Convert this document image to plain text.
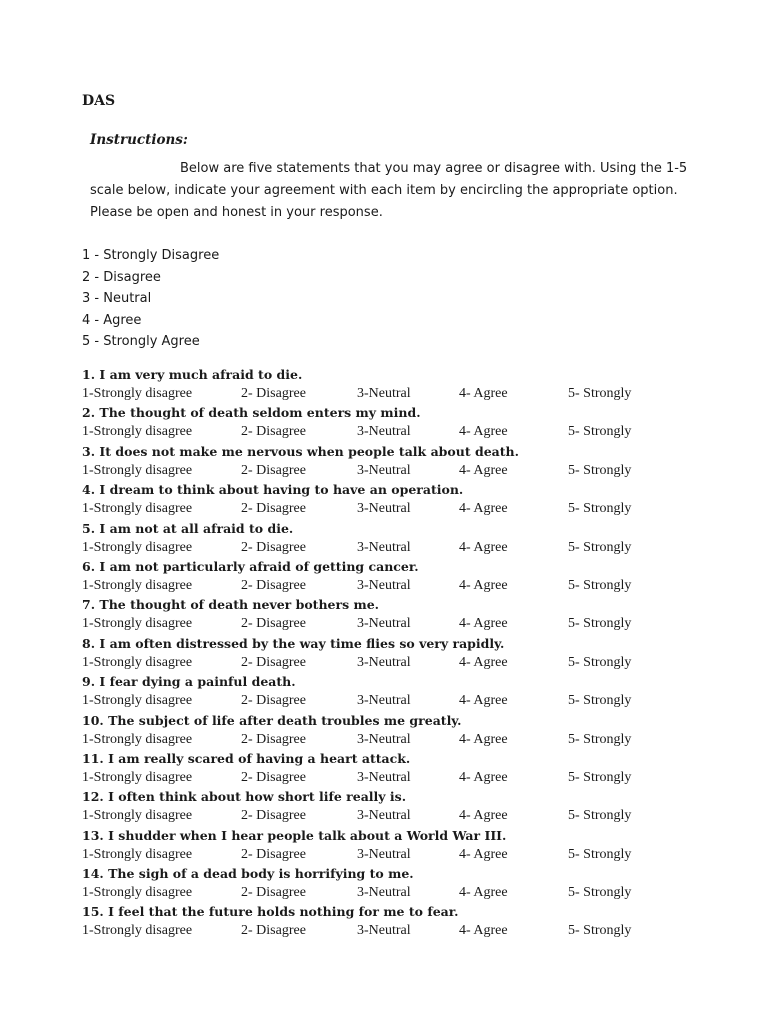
DAS
Instructions:
Below are five statements that you may agree or disagree with. Using the 1-5
scale below, indicate your agreement with each item by encircling the appropriate option.
Please be open and honest in your response.
1 - Strongly Disagree
2 - Disagree
3 - Neutral
4 - Agree
5 - Strongly Agree
1. I am very much afraid to die.
1-Strongly disagree	2- Disagree	3-Neutral	4- Agree	5- Strongly
2. The thought of death seldom enters my mind.
1-Strongly disagree	2- Disagree	3-Neutral	4- Agree	5- Strongly
3. It does not make me nervous when people talk about death.
1-Strongly disagree	2- Disagree	3-Neutral	4- Agree	5- Strongly
4. I dream to think about having to have an operation.
1-Strongly disagree	2- Disagree	3-Neutral	4- Agree	5- Strongly
5. I am not at all afraid to die.
1-Strongly disagree	2- Disagree	3-Neutral	4- Agree	5- Strongly
6. I am not particularly afraid of getting cancer.
1-Strongly disagree	2- Disagree	3-Neutral	4- Agree	5- Strongly
7. The thought of death never bothers me.
1-Strongly disagree	2- Disagree	3-Neutral	4- Agree	5- Strongly
8. I am often distressed by the way time flies so very rapidly.
1-Strongly disagree	2- Disagree	3-Neutral	4- Agree	5- Strongly
9. I fear dying a painful death.
1-Strongly disagree	2- Disagree	3-Neutral	4- Agree	5- Strongly
10. The subject of life after death troubles me greatly.
1-Strongly disagree	2- Disagree	3-Neutral	4- Agree	5- Strongly
11. I am really scared of having a heart attack.
1-Strongly disagree	2- Disagree	3-Neutral	4- Agree	5- Strongly
12. I often think about how short life really is.
1-Strongly disagree	2- Disagree	3-Neutral	4- Agree	5- Strongly
13. I shudder when I hear people talk about a World War III.
1-Strongly disagree	2- Disagree	3-Neutral	4- Agree	5- Strongly
14. The sigh of a dead body is horrifying to me.
1-Strongly disagree	2- Disagree	3-Neutral	4- Agree	5- Strongly
15. I feel that the future holds nothing for me to fear.
1-Strongly disagree	2- Disagree	3-Neutral	4- Agree	5- Strongly
